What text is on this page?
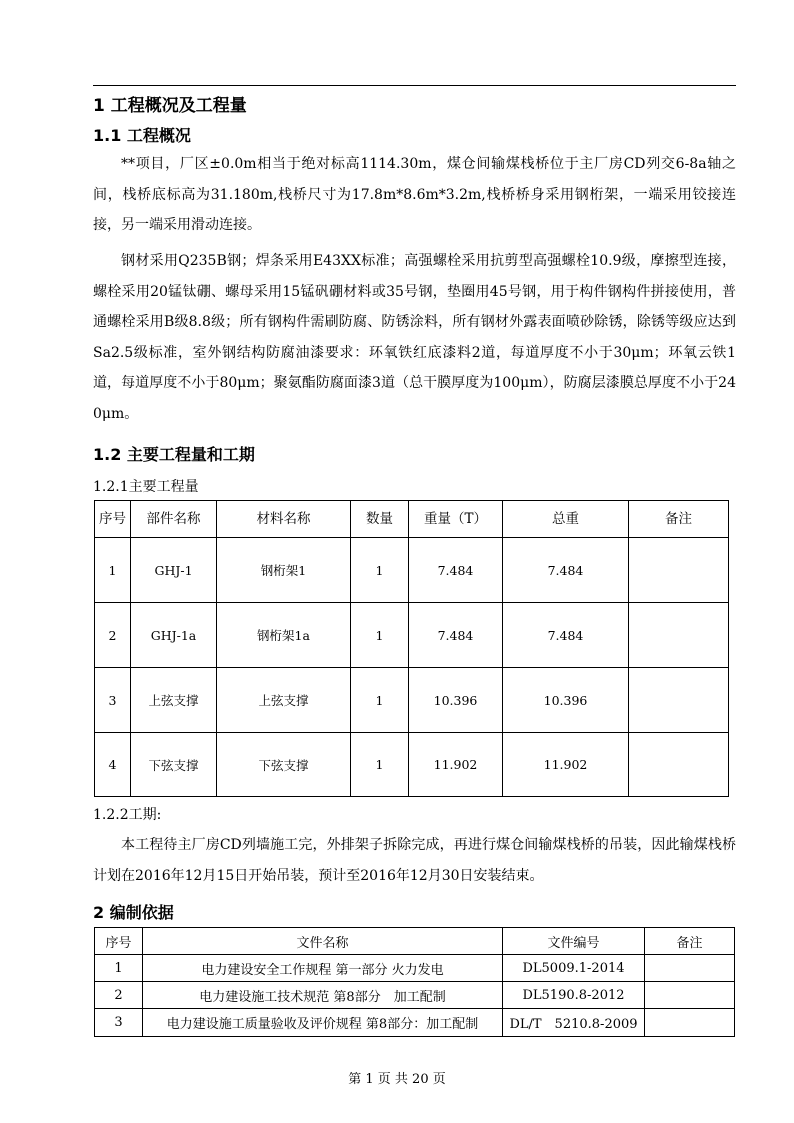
1 工程概况及工程量
1.1 工程概况

**项目，厂区±0.0m相当于绝对标高1114.30m，煤仓间输煤栈桥位于主厂房CD列交6-8a轴之间，栈桥底标高为31.180m,栈桥尺寸为17.8m*8.6m*3.2m,栈桥桥身采用钢桁架，一端采用铰接连接，另一端采用滑动连接。

钢材采用Q235B钢；焊条采用E43XX标准；高强螺栓采用抗剪型高强螺栓10.9级，摩擦型连接，螺栓采用20锰钛硼、螺母采用15锰矾硼材料或35号钢，垫圈用45号钢，用于构件钢构件拼接使用，普通螺栓采用B级8.8级；所有钢构件需刷防腐、防锈涂料，所有钢材外露表面喷砂除锈，除锈等级应达到Sa2.5级标准，室外钢结构防腐油漆要求：环氧铁红底漆料2道，每道厚度不小于30μm；环氧云铁1道，每道厚度不小于80μm；聚氨酯防腐面漆3道（总干膜厚度为100μm），防腐层漆膜总厚度不小于240μm。

1.2 主要工程量和工期
1.2.1主要工程量
序号	部件名称	材料名称	数量	重量（T）	总重	备注
1	GHJ-1	钢桁架1	1	7.484	7.484	
2	GHJ-1a	钢桁架1a	1	7.484	7.484	
3	上弦支撑	上弦支撑	1	10.396	10.396	
4	下弦支撑	下弦支撑	1	11.902	11.902	
1.2.2工期:

本工程待主厂房CD列墙施工完，外排架子拆除完成，再进行煤仓间输煤栈桥的吊装，因此输煤栈桥计划在2016年12月15日开始吊装，预计至2016年12月30日安装结束。

2 编制依据
序号	文件名称	文件编号	备注
1	电力建设安全工作规程 第一部分 火力发电	DL5009.1-2014	
2	电力建设施工技术规范 第8部分　加工配制	DL5190.8-2012	
3	电力建设施工质量验收及评价规程 第8部分：加工配制	DL/T　5210.8-2009	
第 1 页 共 20 页
